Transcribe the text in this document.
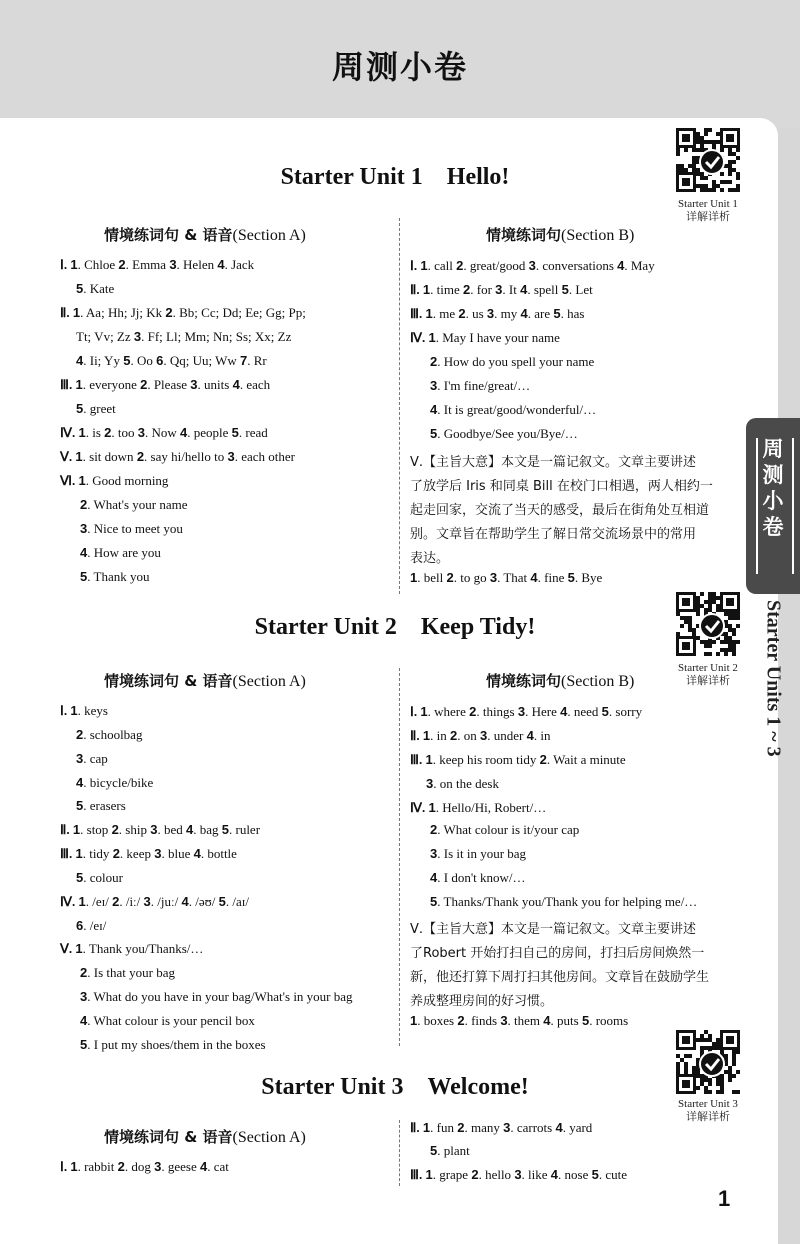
周测小卷
周
测
小
卷
Starter Units 1 ~ 3
Starter Unit 1　Hello!
Starter Unit 2　Keep Tidy!
Starter Unit 3　Welcome!
Starter Unit 1
详解详析
Starter Unit 2
详解详析
Starter Unit 3
详解详析
情境练词句 & 语音(Section A)	情境练词句(Section B)
情境练词句 & 语音(Section A)	情境练词句(Section B)
情境练词句 & 语音(Section A)
Ⅰ. 1. Chloe 2. Emma 3. Helen 4. Jack
5. Kate
Ⅱ. 1. Aa; Hh; Jj; Kk 2. Bb; Cc; Dd; Ee; Gg; Pp;
Tt; Vv; Zz 3. Ff; Ll; Mm; Nn; Ss; Xx; Zz
4. Ii; Yy 5. Oo 6. Qq; Uu; Ww 7. Rr
Ⅲ. 1. everyone 2. Please 3. units 4. each
5. greet
Ⅳ. 1. is 2. too 3. Now 4. people 5. read
Ⅴ. 1. sit down 2. say hi/hello to 3. each other
Ⅵ. 1. Good morning
2. What's your name
3. Nice to meet you
4. How are you
5. Thank you
Ⅰ. 1. call 2. great/good 3. conversations 4. May
Ⅱ. 1. time 2. for 3. It 4. spell 5. Let
Ⅲ. 1. me 2. us 3. my 4. are 5. has
Ⅳ. 1. May I have your name
2. How do you spell your name
3. I'm fine/great/…
4. It is great/good/wonderful/…
5. Goodbye/See you/Bye/…
Ⅴ.【主旨大意】本文是一篇记叙文。文章主要讲述
了放学后 Iris 和同桌 Bill 在校门口相遇，两人相约一
起走回家，交流了当天的感受，最后在街角处互相道
别。文章旨在帮助学生了解日常交流场景中的常用
表达。
1. bell 2. to go 3. That 4. fine 5. Bye
Ⅰ. 1. keys
2. schoolbag
3. cap
4. bicycle/bike
5. erasers
Ⅱ. 1. stop 2. ship 3. bed 4. bag 5. ruler
Ⅲ. 1. tidy 2. keep 3. blue 4. bottle
5. colour
Ⅳ. 1. /eɪ/ 2. /iː/ 3. /juː/ 4. /əʊ/ 5. /aɪ/
6. /eɪ/
Ⅴ. 1. Thank you/Thanks/…
2. Is that your bag
3. What do you have in your bag/What's in your bag
4. What colour is your pencil box
5. I put my shoes/them in the boxes
Ⅰ. 1. where 2. things 3. Here 4. need 5. sorry
Ⅱ. 1. in 2. on 3. under 4. in
Ⅲ. 1. keep his room tidy 2. Wait a minute
3. on the desk
Ⅳ. 1. Hello/Hi, Robert/…
2. What colour is it/your cap
3. Is it in your bag
4. I don't know/…
5. Thanks/Thank you/Thank you for helping me/…
Ⅴ.【主旨大意】本文是一篇记叙文。文章主要讲述
了Robert 开始打扫自己的房间，打扫后房间焕然一
新，他还打算下周打扫其他房间。文章旨在鼓励学生
养成整理房间的好习惯。
1. boxes 2. finds 3. them 4. puts 5. rooms
Ⅰ. 1. rabbit 2. dog 3. geese 4. cat
Ⅱ. 1. fun 2. many 3. carrots 4. yard
5. plant
Ⅲ. 1. grape 2. hello 3. like 4. nose 5. cute
1
